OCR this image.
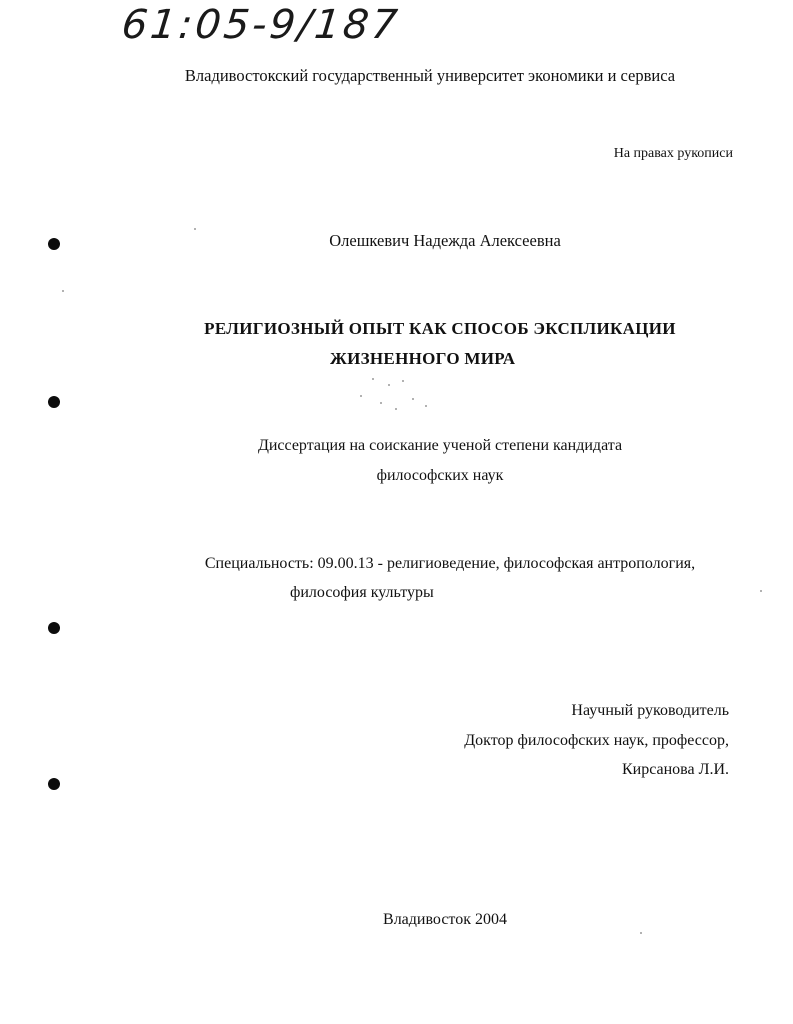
61:05-9/187
Владивостокский государственный университет экономики и сервиса
На правах рукописи
Олешкевич Надежда Алексеевна
РЕЛИГИОЗНЫЙ ОПЫТ КАК СПОСОБ ЭКСПЛИКАЦИИ
ЖИЗНЕННОГО МИРА
Диссертация на соискание ученой степени кандидата
философских наук
Специальность: 09.00.13 - религиоведение, философская антропология,
философия культуры
Научный руководитель
Доктор философских наук, профессор,
Кирсанова Л.И.
Владивосток 2004
